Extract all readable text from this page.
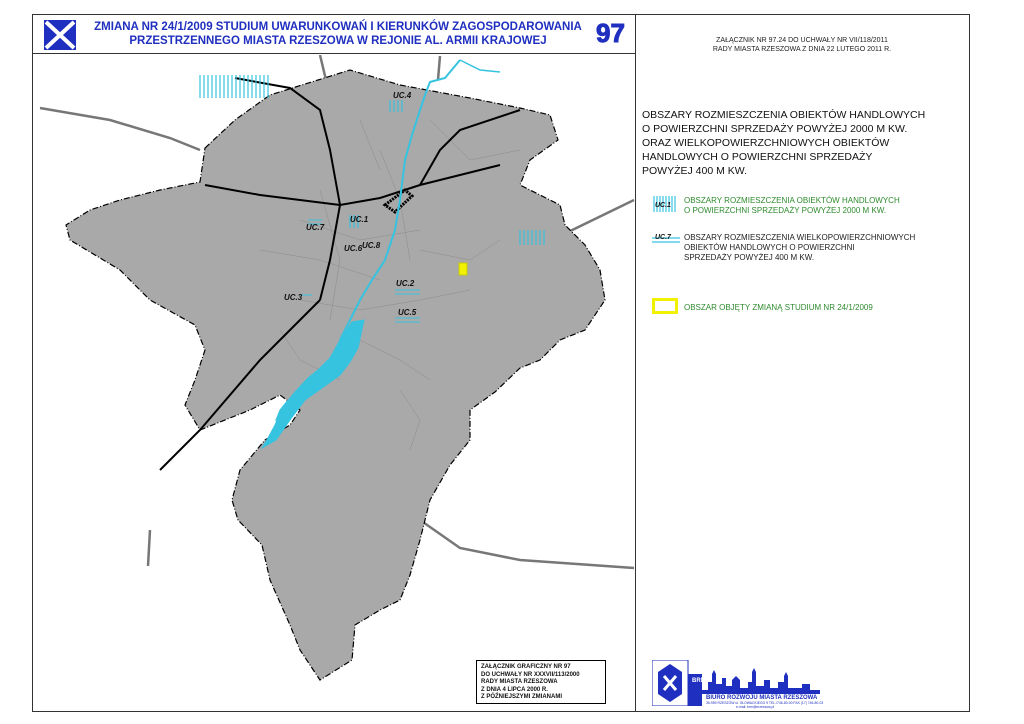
ZMIANA NR 24/1/2009 STUDIUM UWARUNKOWAŃ I KIERUNKÓW ZAGOSPODAROWANIA
PRZESTRZENNEGO MIASTA RZESZOWA W REJONIE AL. ARMII KRAJOWEJ	97	ZAŁĄCZNIK NR 97.24 DO UCHWAŁY NR VII/118/2011
RADY MIASTA RZESZOWA Z DNIA 22 LUTEGO 2011 R.
UC.4
UC.1
UC.7
UC.8
UC.6
UC.2
UC.3
UC.5
OBSZARY ROZMIESZCZENIA OBIEKTÓW HANDLOWYCH
O POWIERZCHNI SPRZEDAŻY POWYŻEJ 2000 M KW.
ORAZ WIELKOPOWIERZCHNIOWYCH OBIEKTÓW
HANDLOWYCH O POWIERZCHNI SPRZEDAŻY
POWYŻEJ 400 M KW.
UC.1
OBSZARY ROZMIESZCZENIA OBIEKTÓW HANDLOWYCH
O POWIERZCHNI SPRZEDAŻY POWYŻEJ 2000 M KW.
UC.7 OBSZARY ROZMIESZCZENIA WIELKOPOWIERZCHNIOWYCH
OBIEKTÓW HANDLOWYCH O POWIERZCHNI
SPRZEDAŻY POWYŻEJ 400 M KW.
OBSZAR OBJĘTY ZMIANĄ STUDIUM NR 24/1/2009
ZAŁĄCZNIK GRAFICZNY NR 97
DO UCHWAŁY NR XXXVII/113/2000
RADY MIASTA RZESZOWA
Z DNIA 4 LIPCA 2000 R.
Z PÓŹNIEJSZYMI ZMIANAMI
BRMR
BIURO ROZWOJU MIASTA RZESZOWA
35-959 RZESZÓW ul. SŁOWACKIEGO 9 TEL./746-80-00 FAX (17) 746-80-03
e-mail: brm@erzeszow.pl
